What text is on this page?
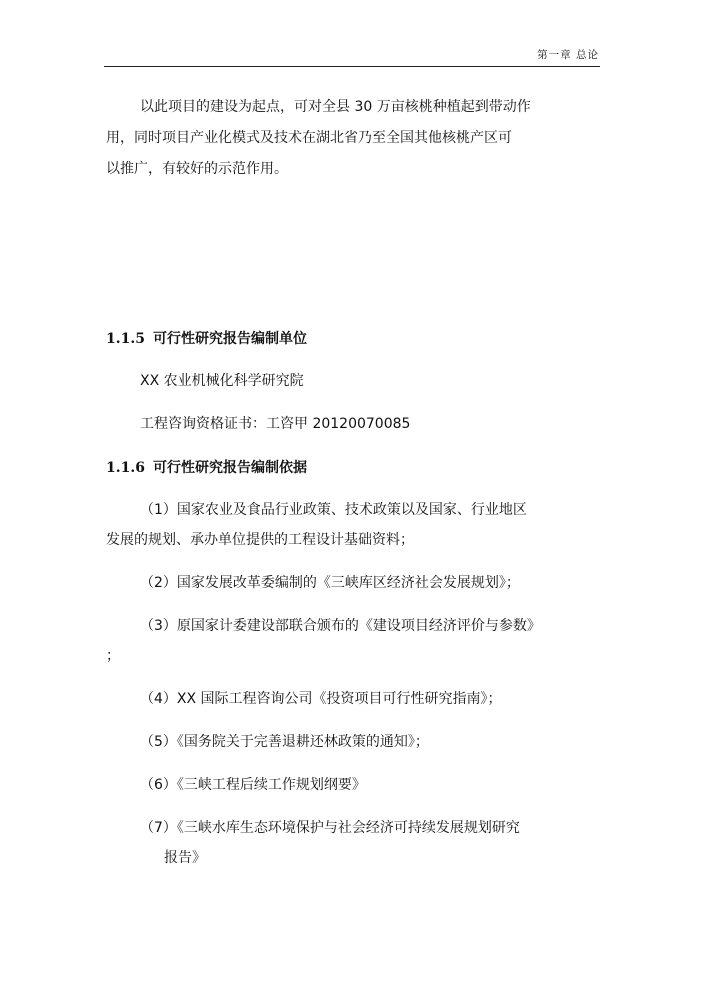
第一章 总论
以此项目的建设为起点，可对全县 30 万亩核桃种植起到带动作
用，同时项目产业化模式及技术在湖北省乃至全国其他核桃产区可
以推广，有较好的示范作用。
1.1.5 可行性研究报告编制单位
XX 农业机械化科学研究院
工程咨询资格证书：工咨甲 20120070085
1.1.6 可行性研究报告编制依据
（1）国家农业及食品行业政策、技术政策以及国家、行业地区
发展的规划、承办单位提供的工程设计基础资料；
（2）国家发展改革委编制的《三峡库区经济社会发展规划》；
（3）原国家计委建设部联合颁布的《建设项目经济评价与参数》
；
（4）XX 国际工程咨询公司《投资项目可行性研究指南》；
（5）《国务院关于完善退耕还林政策的通知》；
（6）《三峡工程后续工作规划纲要》
（7）《三峡水库生态环境保护与社会经济可持续发展规划研究
报告》
